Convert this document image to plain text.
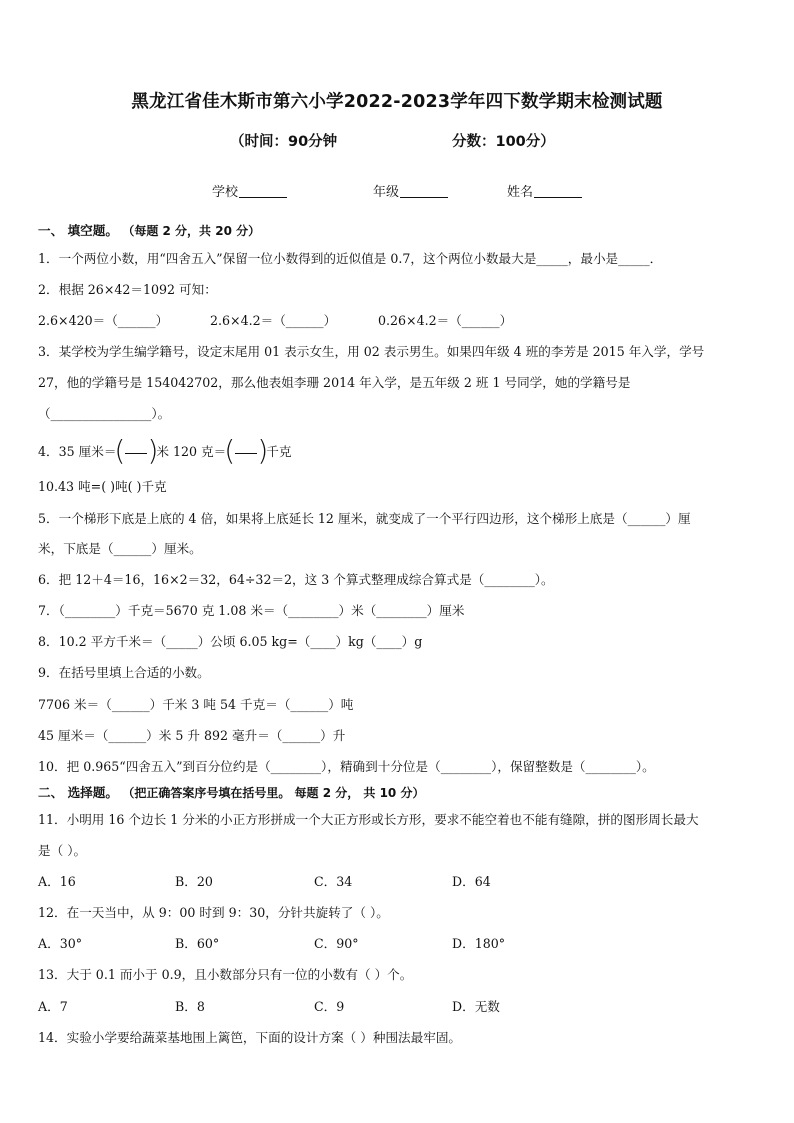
黑龙江省佳木斯市第六小学2022-2023学年四下数学期末检测试题
（时间：90分钟	分数：100分）
学校	年级	姓名
一、 填空题。 （每题 2 分，共 20 分）
1．一个两位小数，用“四舍五入”保留一位小数得到的近似值是 0.7，这个两位小数最大是_____，最小是_____．
2．根据 26×42＝1092 可知：
2.6×420＝（______）	2.6×4.2＝（______）	0.26×4.2＝（______）
3．某学校为学生编学籍号，设定末尾用 01 表示女生，用 02 表示男生。如果四年级 4 班的李芳是 2015 年入学，学号
27，他的学籍号是 154042702，那么他表姐李珊 2014 年入学，是五年级 2 班 1 号同学，她的学籍号是
（________________）。
4．35 厘米＝
( )
米 120 克＝
( )
千克
10.43 吨=( )吨( )千克
5．一个梯形下底是上底的 4 倍，如果将上底延长 12 厘米，就变成了一个平行四边形，这个梯形上底是（______）厘
米，下底是（______）厘米。
6．把 12＋4＝16，16×2＝32，64÷32＝2，这 3 个算式整理成综合算式是（________）。
7．（________）千克＝5670 克 1.08 米＝（________）米（________）厘米
8．10.2 平方千米＝（_____）公顷 6.05 kg=（____）kg（____）g
9．在括号里填上合适的小数。
7706 米＝（______）千米 3 吨 54 千克＝（______）吨
45 厘米＝（______）米 5 升 892 毫升＝（______）升
10．把 0.965“四舍五入”到百分位约是（________），精确到十分位是（________），保留整数是（________）。
二、 选择题。 （把正确答案序号填在括号里。 每题 2 分， 共 10 分）
11．小明用 16 个边长 1 分米的小正方形拼成一个大正方形或长方形，要求不能空着也不能有缝隙，拼的图形周长最大
是（ ）。
A．16	B．20	C．34	D．64
12．在一天当中，从 9：00 时到 9：30，分针共旋转了（ ）。
A．30°	B．60°	C．90°	D．180°
13．大于 0.1 而小于 0.9，且小数部分只有一位的小数有（ ）个。
A．7	B．8	C．9	D．无数
14．实验小学要给蔬菜基地围上篱笆，下面的设计方案（ ）种围法最牢固。
